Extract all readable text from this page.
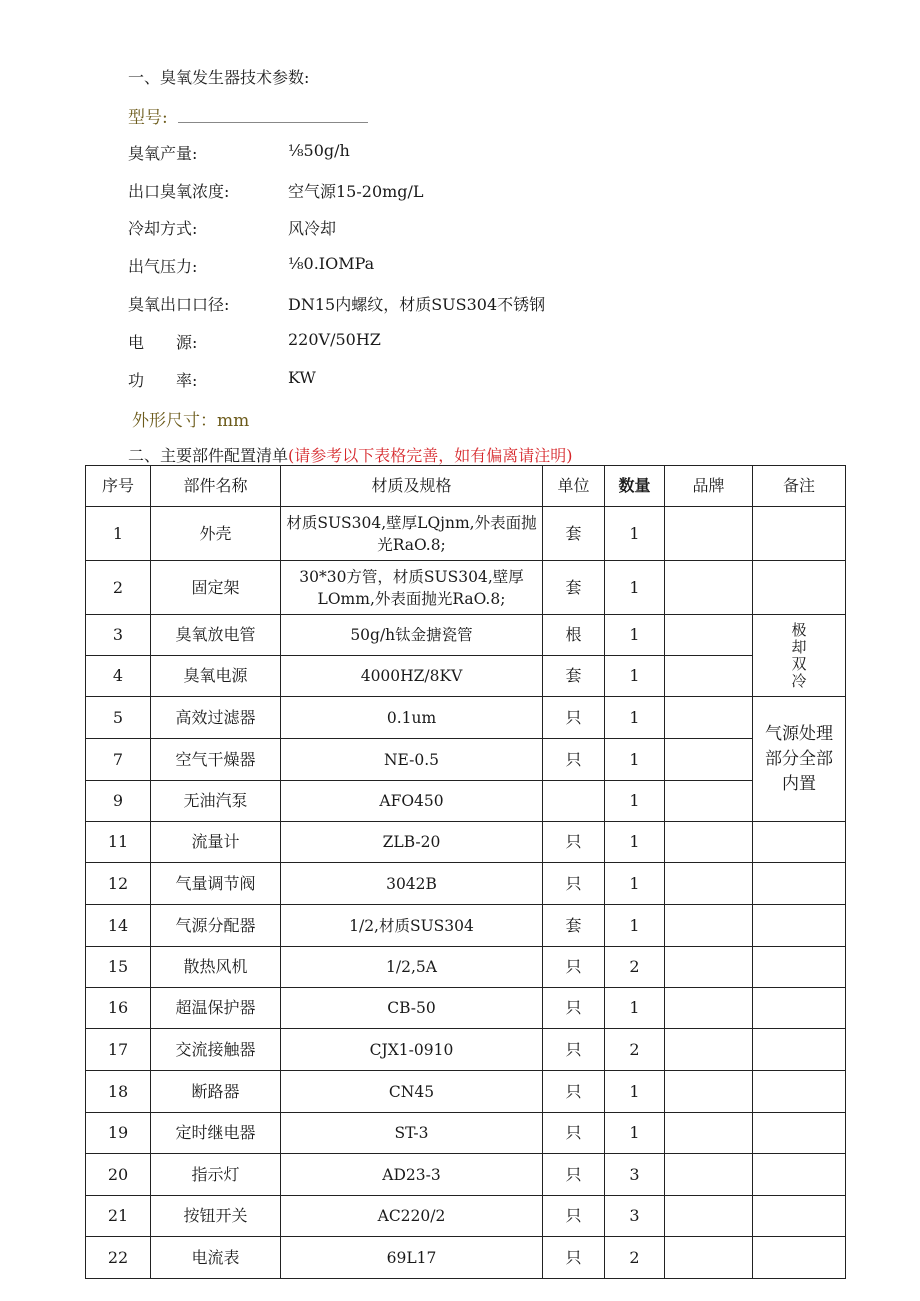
一、臭氧发生器技术参数:
型号:
臭氧产量:	⅛50g/h
出口臭氧浓度:	空气源15-20mg/L
冷却方式:	风冷却
出气压力:	⅛0.IOMPa
臭氧出口口径:	DN15内螺纹，材质SUS304不锈钢
电　　源:	220V/50HZ
功　　率:	KW
外形尺寸：mm
二、主要部件配置清单(请参考以下表格完善，如有偏离请注明)
序号	部件名称	材质及规格	单位	数量	品牌	备注
1	外壳	材质SUS304,壁厚LQjnm,外表面抛光RaO.8;	套	1		
2	固定架	30*30方管，材质SUS304,壁厚LOmm,外表面抛光RaO.8;	套	1		
3	臭氧放电管	50g/h钛金搪瓷管	根	1		极
却
双
冷

4	臭氧电源	4000HZ/8KV	套	1		
5	高效过滤器	0.1um	只	1		气源处理
部分全部
内置

7	空气干燥器	NE-0.5	只	1		
9	无油汽泵	AFO450		1		
11	流量计	ZLB-20	只	1		
12	气量调节阀	3042B	只	1		
14	气源分配器	1/2,材质SUS304	套	1		
15	散热风机	1/2,5A	只	2		
16	超温保护器	CB-50	只	1		
17	交流接触器	CJX1-0910	只	2		
18	断路器	CN45	只	1		
19	定时继电器	ST-3	只	1		
20	指示灯	AD23-3	只	3		
21	按钮开关	AC220/2	只	3		
22	电流表	69L17	只	2		
